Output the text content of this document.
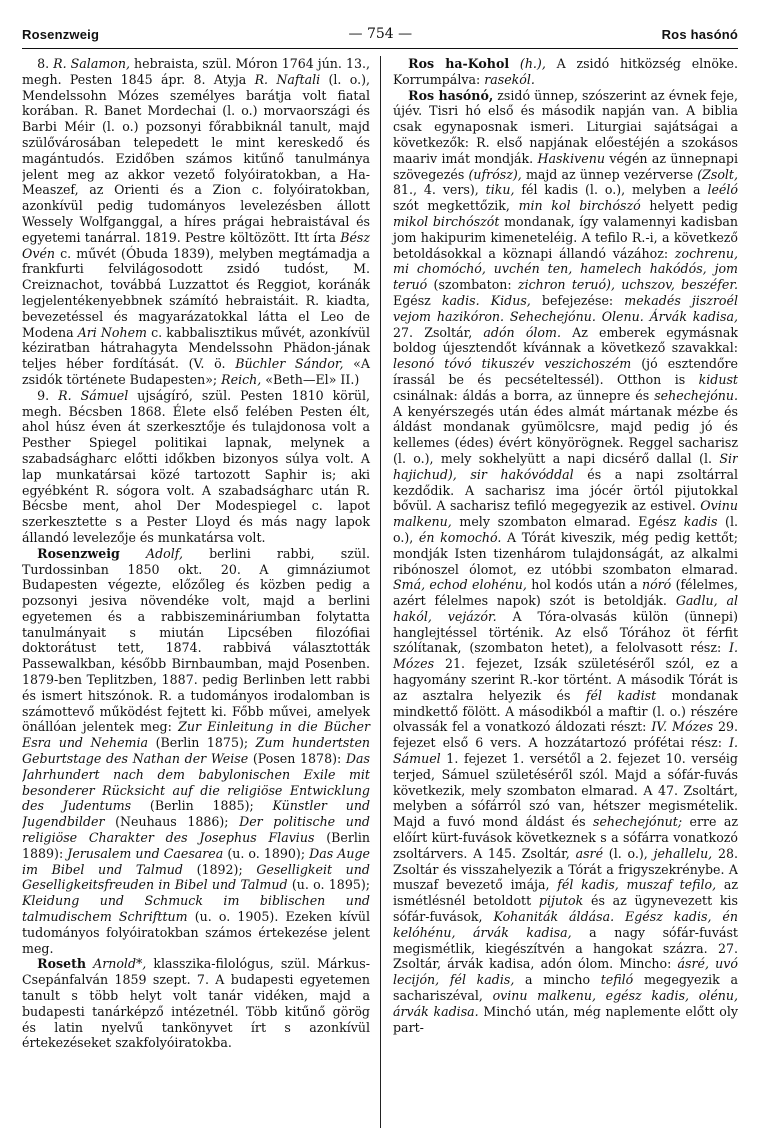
Rosenzweig	— 754 —	Ros hasónó

8. R. Salamon, hebraista, szül. Móron 1764 jún. 13., megh. Pesten 1845 ápr. 8. Atyja R. Naftali (l. o.), Mendelssohn Mózes személyes barátja volt fiatal korában. R. Banet Mordechai (l. o.) morvaországi és Barbi Méir (l. o.) pozsonyi főrabbiknál tanult, majd szülővárosában telepedett le mint kereskedő és magántudós. Ezidőben számos kitűnő tanulmánya jelent meg az akkor vezető folyóiratokban, a Ha-Measzef, az Orienti és a Zion c. folyóiratokban, azonkívül pedig tudományos levelezésben állott Wessely Wolfganggal, a híres prágai hebraistával és egyetemi tanárral. 1819. Pestre költözött. Itt írta Bész Ovén c. művét (Óbuda 1839), melyben megtámadja a frankfurti felvilágosodott zsidó tudóst, M. Creiznachot, továbbá Luzzattot és Reggiot, koránák legjelentékenyebbnek számító hebraistáit. R. kiadta, bevezetéssel és magyarázatokkal látta el Leo de Modena Ari Nohem c. kabbalisztikus művét, azonkívül kéziratban hátrahagyta Mendelssohn Phädon-jának teljes héber fordítását. (V. ö. Büchler Sándor, «A zsidók története Budapesten»; Reich, «Beth—El» II.)

9. R. Sámuel ujságíró, szül. Pesten 1810 körül, megh. Bécsben 1868. Élete első felében Pesten élt, ahol húsz éven át szerkesztője és tulajdonosa volt a Pesther Spiegel politikai lapnak, melynek a szabadságharc előtti időkben bizonyos súlya volt. A lap munkatársai közé tartozott Saphir is; aki egyébként R. sógora volt. A szabadságharc után R. Bécsbe ment, ahol Der Modespiegel c. lapot szerkesztette s a Pester Lloyd és más nagy lapok állandó levelezője és munkatársa volt.

Rosenzweig Adolf, berlini rabbi, szül. Turdossinban 1850 okt. 20. A gimnáziumot Budapesten végezte, előzőleg és közben pedig a pozsonyi jesiva növendéke volt, majd a berlini egyetemen és a rabbiszemináriumban folytatta tanulmányait s miután Lipcsében filozófiai doktorátust tett, 1874. rabbivá választották Passewalkban, később Birnbaumban, majd Posenben. 1879-ben Teplitzben, 1887. pedig Berlinben lett rabbi és ismert hitszónok. R. a tudományos irodalomban is számottevő működést fejtett ki. Főbb művei, amelyek önállóan jelentek meg: Zur Einleitung in die Bücher Esra und Nehemia (Berlin 1875); Zum hundertsten Geburtstage des Nathan der Weise (Posen 1878): Das Jahrhundert nach dem babylonischen Exile mit besonderer Rücksicht auf die religiöse Entwicklung des Judentums (Berlin 1885); Künstler und Jugendbilder (Neuhaus 1886); Der politische und religiöse Charakter des Josephus Flavius (Berlin 1889): Jerusalem und Caesarea (u. o. 1890); Das Auge im Bibel und Talmud (1892); Geselligkeit und Geselligkeitsfreuden in Bibel und Talmud (u. o. 1895); Kleidung und Schmuck im biblischen und talmudischem Schrifttum (u. o. 1905). Ezeken kívül tudományos folyóiratokban számos értekezése jelent meg.

Roseth Arnold*, klasszika-filológus, szül. Márkus-Csepánfalván 1859 szept. 7. A budapesti egyetemen tanult s több helyt volt tanár vidéken, majd a budapesti tanárképző intézetnél. Több kitűnő görög és latin nyelvű tankönyvet írt s azonkívül értekezéseket szakfolyóiratokba.

Ros ha-Kohol (h.), A zsidó hitközség elnöke. Korrumpálva: rasekól.

Ros hasónó, zsidó ünnep, szószerint az évnek feje, újév. Tisri hó első és második napján van. A biblia csak egynaposnak ismeri. Liturgiai sajátságai a következők: R. első napjának előestéjén a szokásos maariv imát mondják. Haskivenu végén az ünnepnapi szövegezés (ufrósz), majd az ünnep vezérverse (Zsolt, 81., 4. vers), tiku, fél kadis (l. o.), melyben a leéló szót megkettőzik, min kol birchószó helyett pedig mikol birchószót mondanak, így valamennyi kadisban jom hakipurim kimeneteléig. A tefilo R.-i, a következő betoldásokkal a köznapi állandó vázához: zochrenu, mi chomóchó, uvchén ten, hamelech hakódós, jom teruó (szombaton: zichron teruó), uchszov, beszéfer. Egész kadis. Kidus, befejezése: mekadés jiszroél vejom hazikóron. Sehechejónu. Olenu. Árvák kadisa, 27. Zsoltár, adón ólom. Az emberek egymásnak boldog újesztendőt kívánnak a következő szavakkal: lesonó tóvó tikuszév veszichoszém (jó esztendőre írassál be és pecsételtessél). Otthon is kidust csinálnak: áldás a borra, az ünnepre és sehechejónu. A kenyérszegés után édes almát mártanak mézbe és áldást mondanak gyümölcsre, majd pedig jó és kellemes (édes) évért könyörögnek. Reggel sacharisz (l. o.), mely sokhelyütt a napi dicsérő dallal (l. Sir hajichud), sir hakóvóddal és a napi zsoltárral kezdődik. A sacharisz ima jócér örtól pijutokkal bővül. A sacharisz tefiló megegyezik az estivel. Ovinu malkenu, mely szombaton elmarad. Egész kadis (l. o.), én komochó. A Tórát kiveszik, még pedig kettőt; mondják Isten tizenhárom tulajdonságát, az alkalmi ribónoszel ólomot, ez utóbbi szombaton elmarad. Smá, echod elohénu, hol kodós után a nóró (félelmes, azért félelmes napok) szót is betoldják. Gadlu, al hakól, vejázór. A Tóra-olvasás külön (ünnepi) hanglejtéssel történik. Az első Tórához öt férfit szólítanak, (szombaton hetet), a felolvasott rész: I. Mózes 21. fejezet, Izsák születéséről szól, ez a hagyomány szerint R.-kor történt. A második Tórát is az asztalra helyezik és fél kadist mondanak mindkettő fölött. A másodikból a maftir (l. o.) részére olvassák fel a vonatkozó áldozati részt: IV. Mózes 29. fejezet első 6 vers. A hozzátartozó prófétai rész: I. Sámuel 1. fejezet 1. versétől a 2. fejezet 10. verséig terjed, Sámuel születéséről szól. Majd a sófár-fuvás következik, mely szombaton elmarad. A 47. Zsoltárt, melyben a sófárról szó van, hétszer megismételik. Majd a fuvó mond áldást és sehechejónut; erre az előírt kürt-fuvások következnek s a sófárra vonatkozó zsoltárvers. A 145. Zsoltár, asré (l. o.), jehallelu, 28. Zsoltár és visszahelyezik a Tórát a frigyszekrénybe. A muszaf bevezető imája, fél kadis, muszaf tefilo, az ismétlésnél betoldott pijutok és az ügynevezett kis sófár-fuvások, Kohaniták áldása. Egész kadis, én kelóhénu, árvák kadisa, a nagy sófár-fuvást megismétlik, kiegészítvén a hangokat százra. 27. Zsoltár, árvák kadisa, adón ólom. Mincho: ásré, uvó lecijón, fél kadis, a mincho tefiló megegyezik a sachariszéval, ovinu malkenu, egész kadis, olénu, árvák kadisa. Minchó után, még naplemente előtt oly part-
